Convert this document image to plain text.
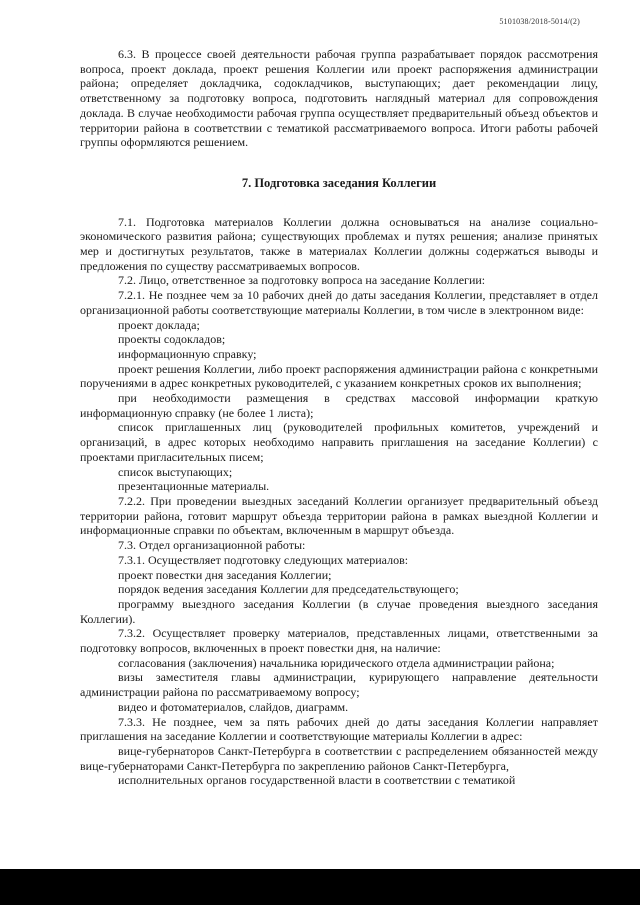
5101038/2018-5014/(2)

6.3. В процессе своей деятельности рабочая группа разрабатывает порядок рассмотрения вопроса, проект доклада, проект решения Коллегии или проект распоряжения администрации района; определяет докладчика, содокладчиков, выступающих; дает рекомендации лицу, ответственному за подготовку вопроса, подготовить наглядный материал для сопровождения доклада. В случае необходимости рабочая группа осуществляет предварительный объезд объектов и территории района в соответствии с тематикой рассматриваемого вопроса. Итоги работы рабочей группы оформляются решением.

7. Подготовка заседания Коллегии

7.1. Подготовка материалов Коллегии должна основываться на анализе социально-экономического развития района; существующих проблемах и путях решения; анализе принятых мер и достигнутых результатов, также в материалах Коллегии должны содержаться выводы и предложения по существу рассматриваемых вопросов.

7.2. Лицо, ответственное за подготовку вопроса на заседание Коллегии:

7.2.1. Не позднее чем за 10 рабочих дней до даты заседания Коллегии, представляет в отдел организационной работы соответствующие материалы Коллегии, в том числе в электронном виде:

проект доклада;

проекты содокладов;

информационную справку;

проект решения Коллегии, либо проект распоряжения администрации района с конкретными поручениями в адрес конкретных руководителей, с указанием конкретных сроков их выполнения;

при необходимости размещения в средствах массовой информации краткую информационную справку (не более 1 листа);

список приглашенных лиц (руководителей профильных комитетов, учреждений и организаций, в адрес которых необходимо направить приглашения на заседание Коллегии) с проектами пригласительных писем;

список выступающих;

презентационные материалы.

7.2.2. При проведении выездных заседаний Коллегии организует предварительный объезд территории района, готовит маршрут объезда территории района в рамках выездной Коллегии и информационные справки по объектам, включенным в маршрут объезда.

7.3. Отдел организационной работы:

7.3.1. Осуществляет подготовку следующих материалов:

проект повестки дня заседания Коллегии;

порядок ведения заседания Коллегии для председательствующего;

программу выездного заседания Коллегии (в случае проведения выездного заседания Коллегии).

7.3.2. Осуществляет проверку материалов, представленных лицами, ответственными за подготовку вопросов, включенных в проект повестки дня, на наличие:

согласования (заключения) начальника юридического отдела администрации района;

визы заместителя главы администрации, курирующего направление деятельности администрации района по рассматриваемому вопросу;

видео и фотоматериалов, слайдов, диаграмм.

7.3.3. Не позднее, чем за пять рабочих дней до даты заседания Коллегии направляет приглашения на заседание Коллегии и соответствующие материалы Коллегии в адрес:

вице-губернаторов Санкт-Петербурга в соответствии с распределением обязанностей между вице-губернаторами Санкт-Петербурга по закреплению районов Санкт-Петербурга,

исполнительных органов государственной власти в соответствии с тематикой
